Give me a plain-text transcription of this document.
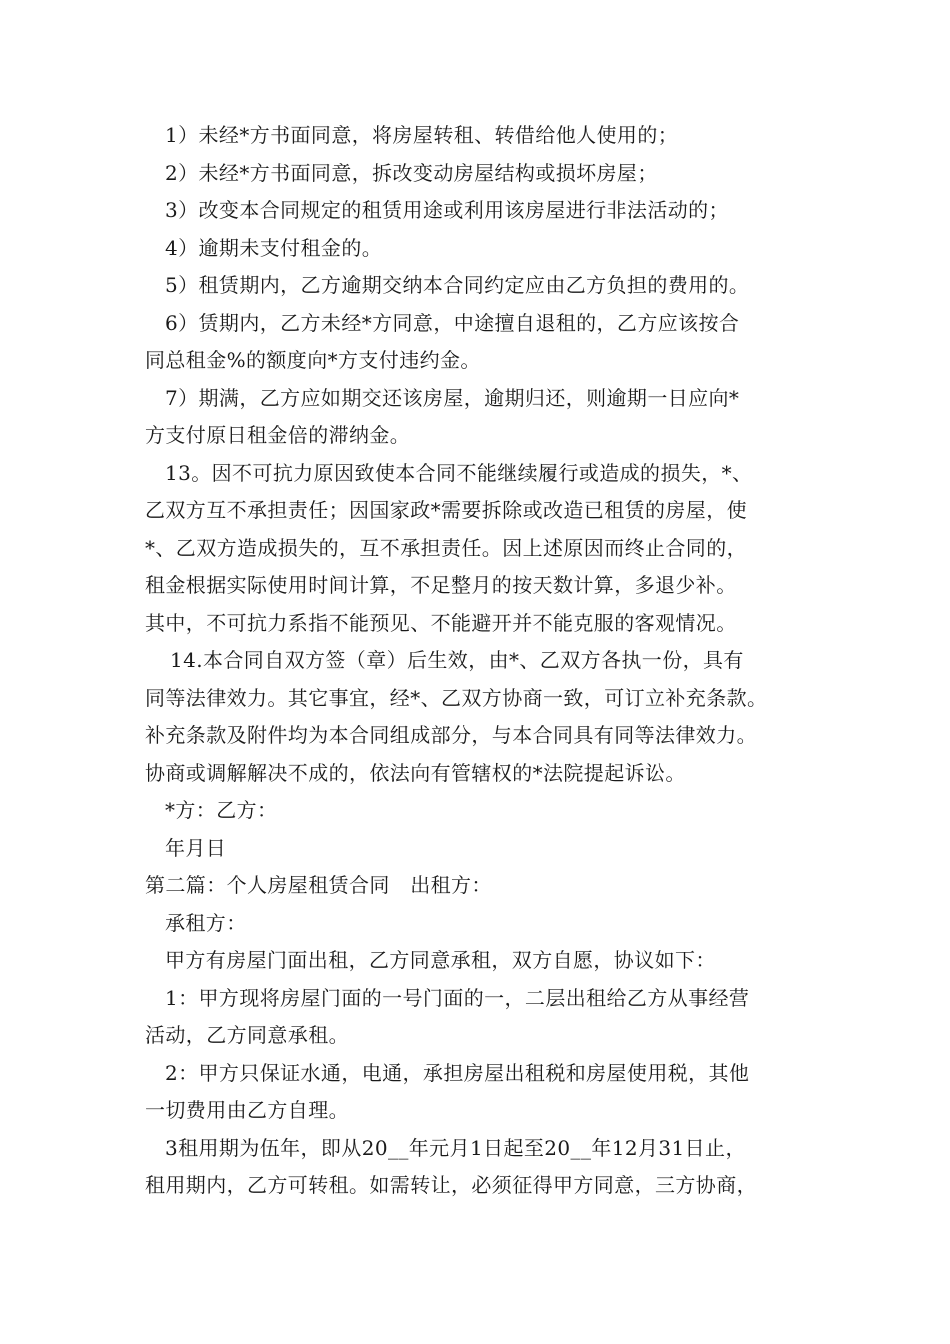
1）未经*方书面同意，将房屋转租、转借给他人使用的；
2）未经*方书面同意，拆改变动房屋结构或损坏房屋；
3）改变本合同规定的租赁用途或利用该房屋进行非法活动的；
4）逾期未支付租金的。
5）租赁期内，乙方逾期交纳本合同约定应由乙方负担的费用的。
6）赁期内，乙方未经*方同意，中途擅自退租的，乙方应该按合
同总租金%的额度向*方支付违约金。
7）期满，乙方应如期交还该房屋，逾期归还，则逾期一日应向*
方支付原日租金倍的滞纳金。
13。因不可抗力原因致使本合同不能继续履行或造成的损失，*、
乙双方互不承担责任；因国家政*需要拆除或改造已租赁的房屋，使
*、乙双方造成损失的，互不承担责任。因上述原因而终止合同的，
租金根据实际使用时间计算，不足整月的按天数计算，多退少补。
其中，不可抗力系指不能预见、不能避开并不能克服的客观情况。
14.本合同自双方签（章）后生效，由*、乙双方各执一份，具有
同等法律效力。其它事宜，经*、乙双方协商一致，可订立补充条款。
补充条款及附件均为本合同组成部分，与本合同具有同等法律效力。
协商或调解解决不成的，依法向有管辖权的*法院提起诉讼。
*方：乙方：
年月日
第二篇：个人房屋租赁合同　出租方：
承租方：
甲方有房屋门面出租，乙方同意承租，双方自愿，协议如下：
1：甲方现将房屋门面的一号门面的一，二层出租给乙方从事经营
活动，乙方同意承租。
2：甲方只保证水通，电通，承担房屋出租税和房屋使用税，其他
一切费用由乙方自理。
3租用期为伍年，即从20__年元月1日起至20__年12月31日止，
租用期内，乙方可转租。如需转让，必须征得甲方同意，三方协商，
